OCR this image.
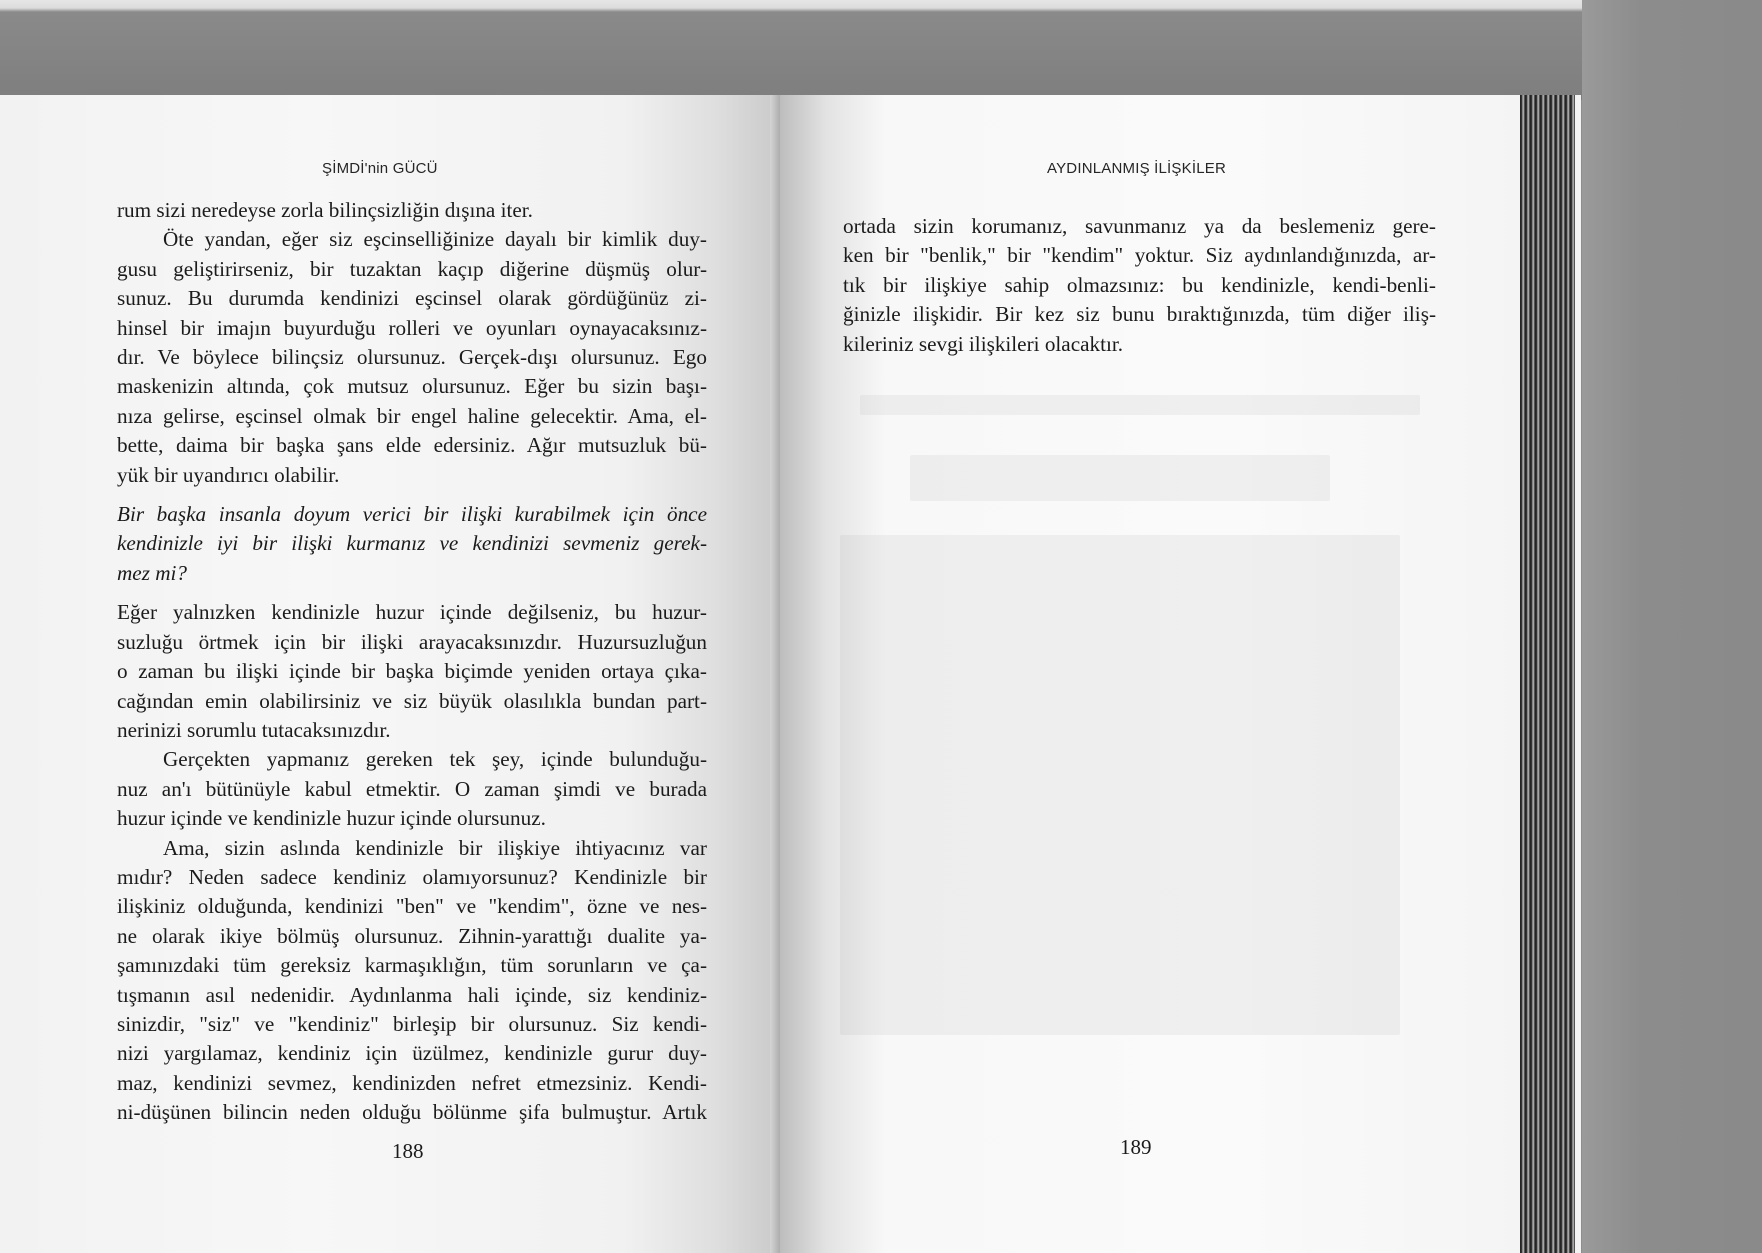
ŞİMDİ'nin GÜCÜ
rum sizi neredeyse zorla bilinçsizliğin dışına iter.
Öte yandan, eğer siz eşcinselliğinize dayalı bir kimlik duy-
gusu geliştirirseniz, bir tuzaktan kaçıp diğerine düşmüş olur-
sunuz. Bu durumda kendinizi eşcinsel olarak gördüğünüz zi-
hinsel bir imajın buyurduğu rolleri ve oyunları oynayacaksınız-
dır. Ve böylece bilinçsiz olursunuz. Gerçek-dışı olursunuz. Ego
maskenizin altında, çok mutsuz olursunuz. Eğer bu sizin başı-
nıza gelirse, eşcinsel olmak bir engel haline gelecektir. Ama, el-
bette, daima bir başka şans elde edersiniz. Ağır mutsuzluk bü-
yük bir uyandırıcı olabilir.
Bir başka insanla doyum verici bir ilişki kurabilmek için önce
kendinizle iyi bir ilişki kurmanız ve kendinizi sevmeniz gerek-
mez mi?
Eğer yalnızken kendinizle huzur içinde değilseniz, bu huzur-
suzluğu örtmek için bir ilişki arayacaksınızdır. Huzursuzluğun
o zaman bu ilişki içinde bir başka biçimde yeniden ortaya çıka-
cağından emin olabilirsiniz ve siz büyük olasılıkla bundan part-
nerinizi sorumlu tutacaksınızdır.
Gerçekten yapmanız gereken tek şey, içinde bulunduğu-
nuz an'ı bütünüyle kabul etmektir. O zaman şimdi ve burada
huzur içinde ve kendinizle huzur içinde olursunuz.
Ama, sizin aslında kendinizle bir ilişkiye ihtiyacınız var
mıdır? Neden sadece kendiniz olamıyorsunuz? Kendinizle bir
ilişkiniz olduğunda, kendinizi "ben" ve "kendim", özne ve nes-
ne olarak ikiye bölmüş olursunuz. Zihnin-yarattığı dualite ya-
şamınızdaki tüm gereksiz karmaşıklığın, tüm sorunların ve ça-
tışmanın asıl nedenidir. Aydınlanma hali içinde, siz kendiniz-
sinizdir, "siz" ve "kendiniz" birleşip bir olursunuz. Siz kendi-
nizi yargılamaz, kendiniz için üzülmez, kendinizle gurur duy-
maz, kendinizi sevmez, kendinizden nefret etmezsiniz. Kendi-
ni-düşünen bilincin neden olduğu bölünme şifa bulmuştur. Artık
188
AYDINLANMIŞ İLİŞKİLER
ortada sizin korumanız, savunmanız ya da beslemeniz gere-
ken bir "benlik," bir "kendim" yoktur. Siz aydınlandığınızda, ar-
tık bir ilişkiye sahip olmazsınız: bu kendinizle, kendi-benli-
ğinizle ilişkidir. Bir kez siz bunu bıraktığınızda, tüm diğer iliş-
kileriniz sevgi ilişkileri olacaktır.
189
